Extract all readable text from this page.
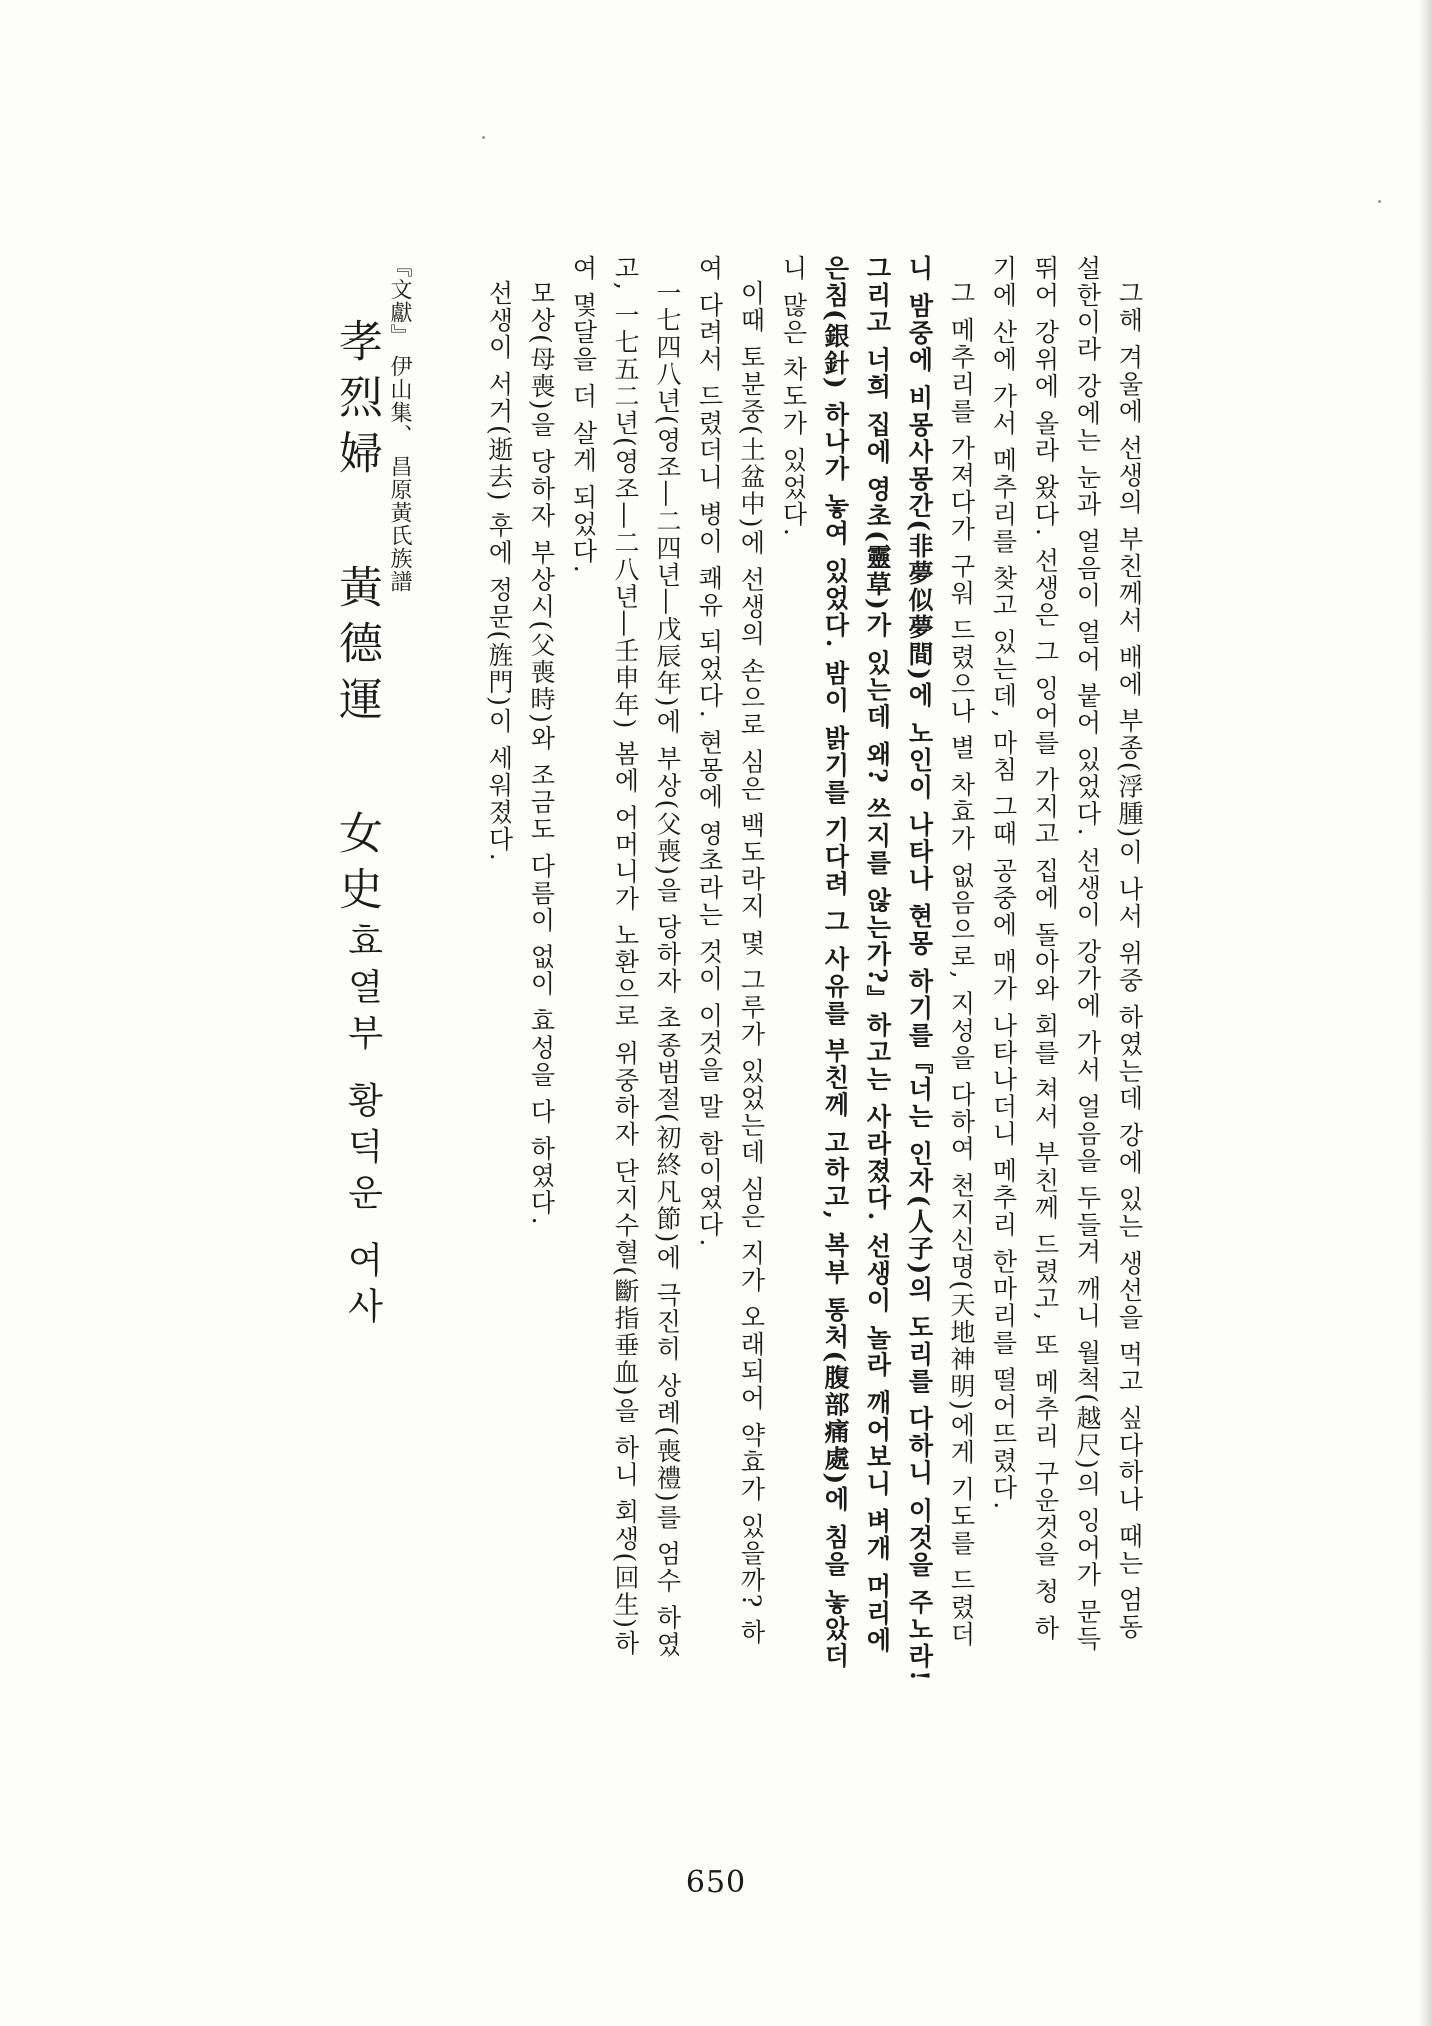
그해 겨울에 선생의 부친께서 배에 부종(浮腫)이 나서 위중 하였는데 강에 있는 생선을 먹고 싶다하나 때는 엄동
설한이라 강에는 눈과 얼음이 얼어 붙어 있었다. 선생이 강가에 가서 얼음을 두들겨 깨니 월척(越尺)의 잉어가 문득
뛰어 강위에 올라 왔다. 선생은 그 잉어를 가지고 집에 돌아와 회를 쳐서 부친께 드렸고, 또 메추리 구운것을 청 하
기에 산에 가서 메추리를 찾고 있는데, 마침 그때 공중에 매가 나타나더니 메추리 한마리를 떨어뜨렸다.
그 메추리를 가져다가 구워 드렸으나 별 차효가 없음으로, 지성을 다하여 천지신명(天地神明)에게 기도를 드렸더
니 밤중에 비몽사몽간(非夢似夢間)에 노인이 나타나 현몽 하기를『너는 인자(人子)의 도리를 다하니 이것을 주노라!
그리고 너희 집에 영초(靈草)가 있는데 왜? 쓰지를 않는가?』하고는 사라졌다. 선생이 놀라 깨어보니 벼개 머리에
은침(銀針) 하나가 놓여 있었다. 밤이 밝기를 기다려 그 사유를 부친께 고하고, 복부 통처(腹部痛處)에 침을 놓았더
니 많은 차도가 있었다.
이때 토분중(土盆中)에 선생의 손으로 심은 백도라지 몇 그루가 있었는데 심은 지가 오래되어 약효가 있을까? 하
여 다려서 드렸더니 병이 쾌유 되었다. 현몽에 영초라는 것이 이것을 말 함이였다.
一七四八년(영조―二四년―戊辰年)에 부상(父喪)을 당하자 초종범절(初終凡節)에 극진히 상례(喪禮)를 엄수 하였
고, 一七五二년(영조―二八년―壬申年) 봄에 어머니가 노환으로 위중하자 단지수혈(斷指垂血)을 하니 회생(回生)하
여 몇달을 더 살게 되었다.
모상(母喪)을 당하자 부상시(父喪時)와 조금도 다름이 없이 효성을 다 하였다.
선생이 서거(逝去) 후에 정문(旌門)이 세워졌다.
『文獻』 伊山集、 昌原黃氏族譜
효열부 황덕운 여사
孝烈婦  黃德運  女史
650
